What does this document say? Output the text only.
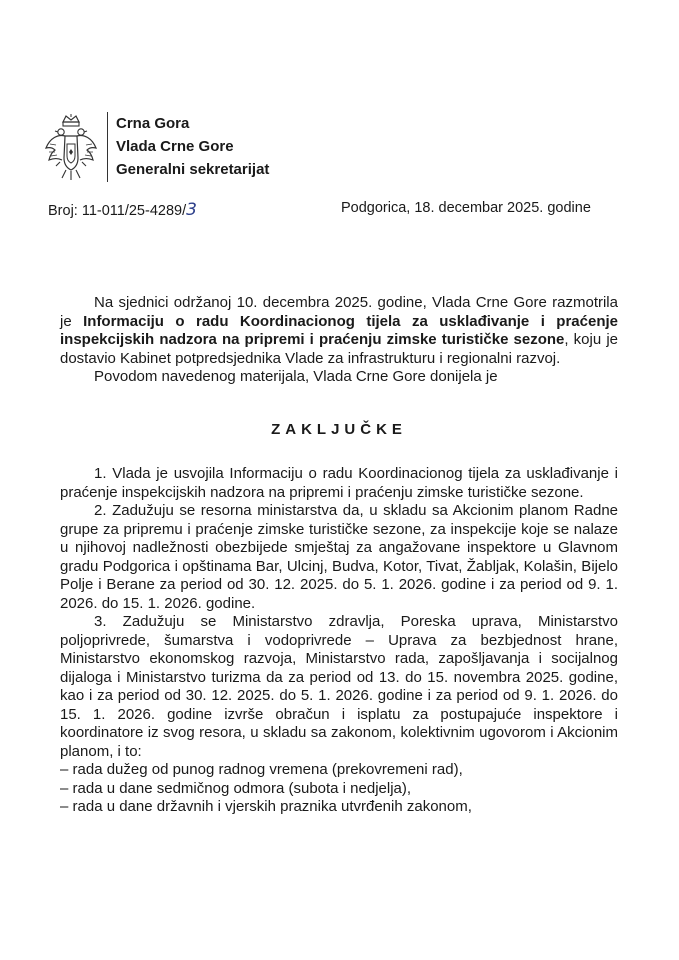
Crna Gora
Vlada Crne Gore
Generalni sekretarijat
Broj: 11-011/25-4289/3	Podgorica, 18. decembar 2025. godine

Na sjednici održanoj 10. decembra 2025. godine, Vlada Crne Gore razmotrila je Informaciju o radu Koordinacionog tijela za usklađivanje i praćenje inspekcijskih nadzora na pripremi i praćenju zimske turističke sezone, koju je dostavio Kabinet potpredsjednika Vlade za infrastrukturu i regionalni razvoj.

Povodom navedenog materijala, Vlada Crne Gore donijela je

ZAKLJUČKE

1. Vlada je usvojila Informaciju o radu Koordinacionog tijela za usklađivanje i praćenje inspekcijskih nadzora na pripremi i praćenju zimske turističke sezone.

2. Zadužuju se resorna ministarstva da, u skladu sa Akcionim planom Radne grupe za pripremu i praćenje zimske turističke sezone, za inspekcije koje se nalaze u njihovoj nadležnosti obezbijede smještaj za angažovane inspektore u Glavnom gradu Podgorica i opštinama Bar, Ulcinj, Budva, Kotor, Tivat, Žabljak, Kolašin, Bijelo Polje i Berane za period od 30. 12. 2025. do 5. 1. 2026. godine i za period od 9. 1. 2026. do 15. 1. 2026. godine.

3. Zadužuju se Ministarstvo zdravlja, Poreska uprava, Ministarstvo poljoprivrede, šumarstva i vodoprivrede – Uprava za bezbjednost hrane, Ministarstvo ekonomskog razvoja, Ministarstvo rada, zapošljavanja i socijalnog dijaloga i Ministarstvo turizma da za period od 13. do 15. novembra 2025. godine, kao i za period od 30. 12. 2025. do 5. 1. 2026. godine i za period od 9. 1. 2026. do 15. 1. 2026. godine izvrše obračun i isplatu za postupajuće inspektore i koordinatore iz svog resora, u skladu sa zakonom, kolektivnim ugovorom i Akcionim planom, i to:

– rada dužeg od punog radnog vremena (prekovremeni rad),

– rada u dane sedmičnog odmora (subota i nedjelja),

– rada u dane državnih i vjerskih praznika utvrđenih zakonom,
